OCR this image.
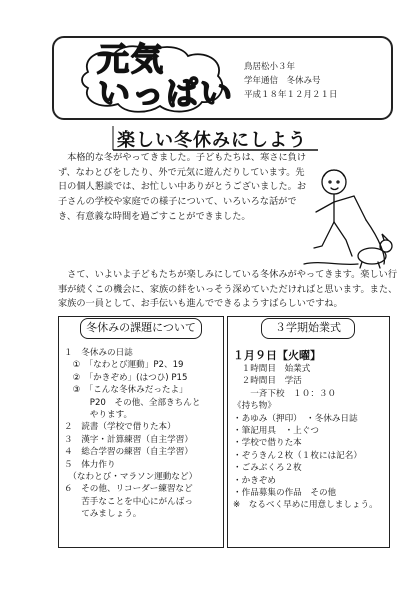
元気
いっぱい
鳥居松小３年
学年通信　冬休み号
平成１８年１２月２１日
楽しい冬休みにしよう
　本格的な冬がやってきました。子どもたちは、寒さに負けず、なわとびをしたり、外で元気に遊んだりしています。先日の個人懇談では、お忙しい中ありがとうございました。お子さんの学校や家庭での様子について、いろいろな話ができ、有意義な時間を過ごすことができました。
　さて、いよいよ子どもたちが楽しみにしている冬休みがやってきます。楽しい行事が続くこの機会に、家族の絆をいっそう深めていただければと思います。また、家族の一員として、お手伝いも進んでできるようすばらしいですね。
冬休みの課題について
１　冬休みの日誌
　①　「なわとび運動」P2、19
　②　「かきぞめ」(はつひ) P15
　③　「こんな冬休みだったよ」
　　　P20　その他、全部きちんと
　　　やります。
２　読書（学校で借りた本）
３　漢字・計算練習（自主学習）
４　総合学習の練習（自主学習）
５　体力作り
　（なわとび・マラソン運動など）
６　その他、リコーダー練習など
　　苦手なことを中心にがんばっ
　　てみましょう。
３学期始業式
１月９日【火曜】
　１時間目　始業式
　２時間目　学活
　　一斉下校　１０：３０
《持ち物》
・あゆみ（押印）　・冬休み日誌
・筆記用具　・上ぐつ
・学校で借りた本
・ぞうきん２枚（１枚には記名）
・ごみぶくろ２枚
・かきぞめ
・作品募集の作品　その他
※　なるべく早めに用意しましょう。
